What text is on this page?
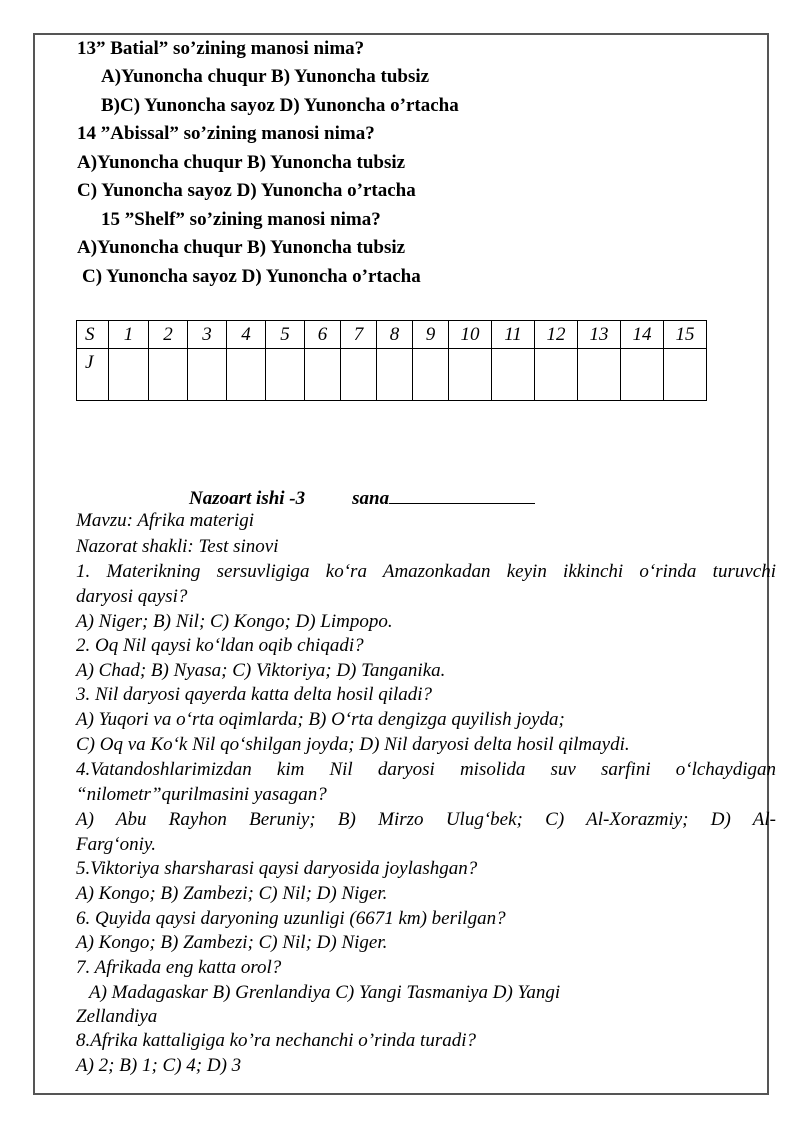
13” Batial” so’zining manosi nima?
A)Yunoncha chuqur B) Yunoncha tubsiz
B)C) Yunoncha sayoz D) Yunoncha o’rtacha
14 ”Abissal” so’zining manosi nima?
A)Yunoncha chuqur B) Yunoncha tubsiz
C) Yunoncha sayoz D) Yunoncha o’rtacha
15 ”Shelf” so’zining manosi nima?
A)Yunoncha chuqur B) Yunoncha tubsiz
C) Yunoncha sayoz D) Yunoncha o’rtacha
S	1	2	3	4	5	6	7	8	9	10	11	12	13	14	15
J															
Nazoart ishi -3 sana
Mavzu: Afrika materigi
Nazorat shakli: Test sinovi
1. Materikning sersuvligiga ko‘ra Amazonkadan keyin ikkinchi o‘rinda turuvchi
daryosi qaysi?
A) Niger; B) Nil; C) Kongo; D) Limpopo.
2. Oq Nil qaysi ko‘ldan oqib chiqadi?
A) Chad; B) Nyasa; C) Viktoriya; D) Tanganika.
3. Nil daryosi qayerda katta delta hosil qiladi?
A) Yuqori va o‘rta oqimlarda; B) O‘rta dengizga quyilish joyda;
C) Oq va Ko‘k Nil qo‘shilgan joyda; D) Nil daryosi delta hosil qilmaydi.
4.Vatandoshlarimizdan kim Nil daryosi misolida suv sarfini o‘lchaydigan
“nilometr”qurilmasini yasagan?
A) Abu Rayhon Beruniy; B) Mirzo Ulug‘bek; C) Al-Xorazmiy; D) Al-
Farg‘oniy.
5.Viktoriya sharsharasi qaysi daryosida joylashgan?
A) Kongo; B) Zambezi; C) Nil; D) Niger.
6. Quyida qaysi daryoning uzunligi (6671 km) berilgan?
A) Kongo; B) Zambezi; C) Nil; D) Niger.
7. Afrikada eng katta orol?
A) Madagaskar B) Grenlandiya C) Yangi Tasmaniya D) Yangi
Zellandiya
8.Afrika kattaligiga ko’ra nechanchi o’rinda turadi?
A) 2; B) 1; C) 4; D) 3
